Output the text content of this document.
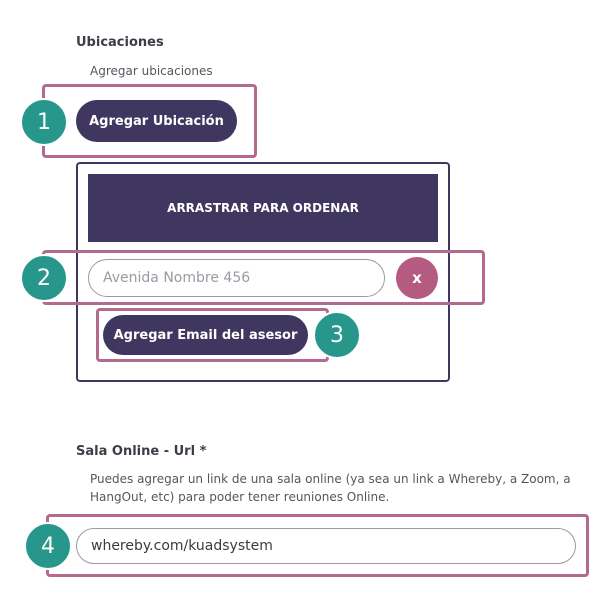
Ubicaciones
Agregar ubicaciones
Agregar Ubicación
1
ARRASTRAR PARA ORDENAR
Avenida Nombre 456
x
2
Agregar Email del asesor	3
Sala Online - Url *
Puedes agregar un link de una sala online (ya sea un link a Whereby, a Zoom, a
HangOut, etc) para poder tener reuniones Online.
whereby.com/kuadsystem
4
